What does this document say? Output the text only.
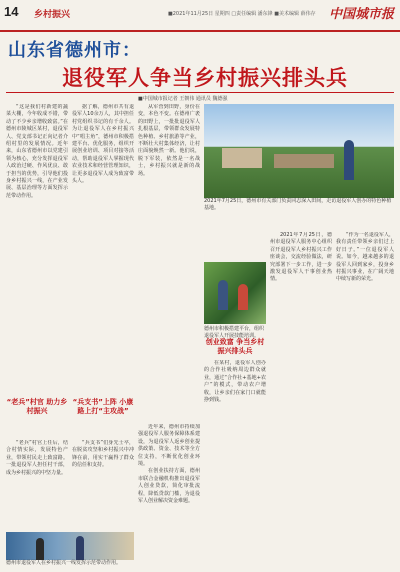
14 乡村振兴	■2021年11月25日 星期四 □责任编辑 潘东锋 ■美术编辑 薛伟存 中国城市报
山东省德州市：
退役军人争当乡村振兴排头兵
■中国城市报记者 王朝伟 通讯员 魏德强

“这是我们村新建的蔬菜大棚，今年收成不错，带动了不少乡亲增收致富。”在德州市陵城区某村，退役军人、党支部书记正向记者介绍村里的发展情况。近年来，山东省德州市以党建引领为核心，充分发挥退役军人政治过硬、作风优良、敢于担当的优势，引导他们投身乡村振兴一线，在产业发展、基层治理等方面发挥示范带动作用。

据了解，德州市共有退役军人10余万人，其中担任村党组织书记的有千余人。为让退役军人在乡村振兴中“唱主角”，德州市积极搭建平台、优化服务，组织开展创业培训、项目对接等活动，帮助退役军人掌握现代农业技术和经营管理知识，让更多退役军人成为致富带头人。

从军营到田野，身份在变，本色不变。在德州广袤的田野上，一批批退役军人扎根基层，带领群众发展特色种植、乡村旅游等产业，不断壮大村集体经济，让村庄面貌焕然一新。他们说，脱下军装，依然是一名战士，乡村振兴就是新的战场。

2021年7月25日，德州市有关部门负责同志深入田间，走访退役军人创办的特色种植基地。
德州市积极搭建平台，组织退役军人开展技能培训。

2021年7月25日，德州市退役军人服务中心组织召开退役军人乡村振兴工作座谈会，交流经验做法，研究部署下一步工作，进一步激发退役军人干事创业热情。

“作为一名退役军人，我有责任带领乡亲们过上好日子。”一位退役军人说。如今，越来越多的退役军人回到家乡，投身乡村振兴事业，在广阔天地中续写新的荣光。

“老兵”村官 助力乡村振兴
“兵支书”上阵 小康路上打“主攻战”
创业致富 争当乡村振兴排头兵

“老兵”村官上任后，结合村情实际，发展特色产业，带领村民走上致富路。一批退役军人担任村干部，成为乡村振兴的中坚力量。

“兵支书”们身先士卒，在脱贫攻坚和乡村振兴中冲锋在前，用实干赢得了群众的信任和支持。

近年来，德州市持续加强退役军人服务保障体系建设，为退役军人返乡创业提供政策、资金、技术等全方位支持，不断优化创业环境。

在创业扶持方面，德州市联合金融机构推出退役军人创业贷款，简化审批流程，降低贷款门槛，为退役军人创业解决资金难题。

在某村，退役军人创办的合作社吸纳周边群众就业，通过“合作社+基地+农户”的模式，带动农户增收，让乡亲们在家门口就能挣到钱。

德州市退役军人在乡村振兴一线发挥示范带动作用。
